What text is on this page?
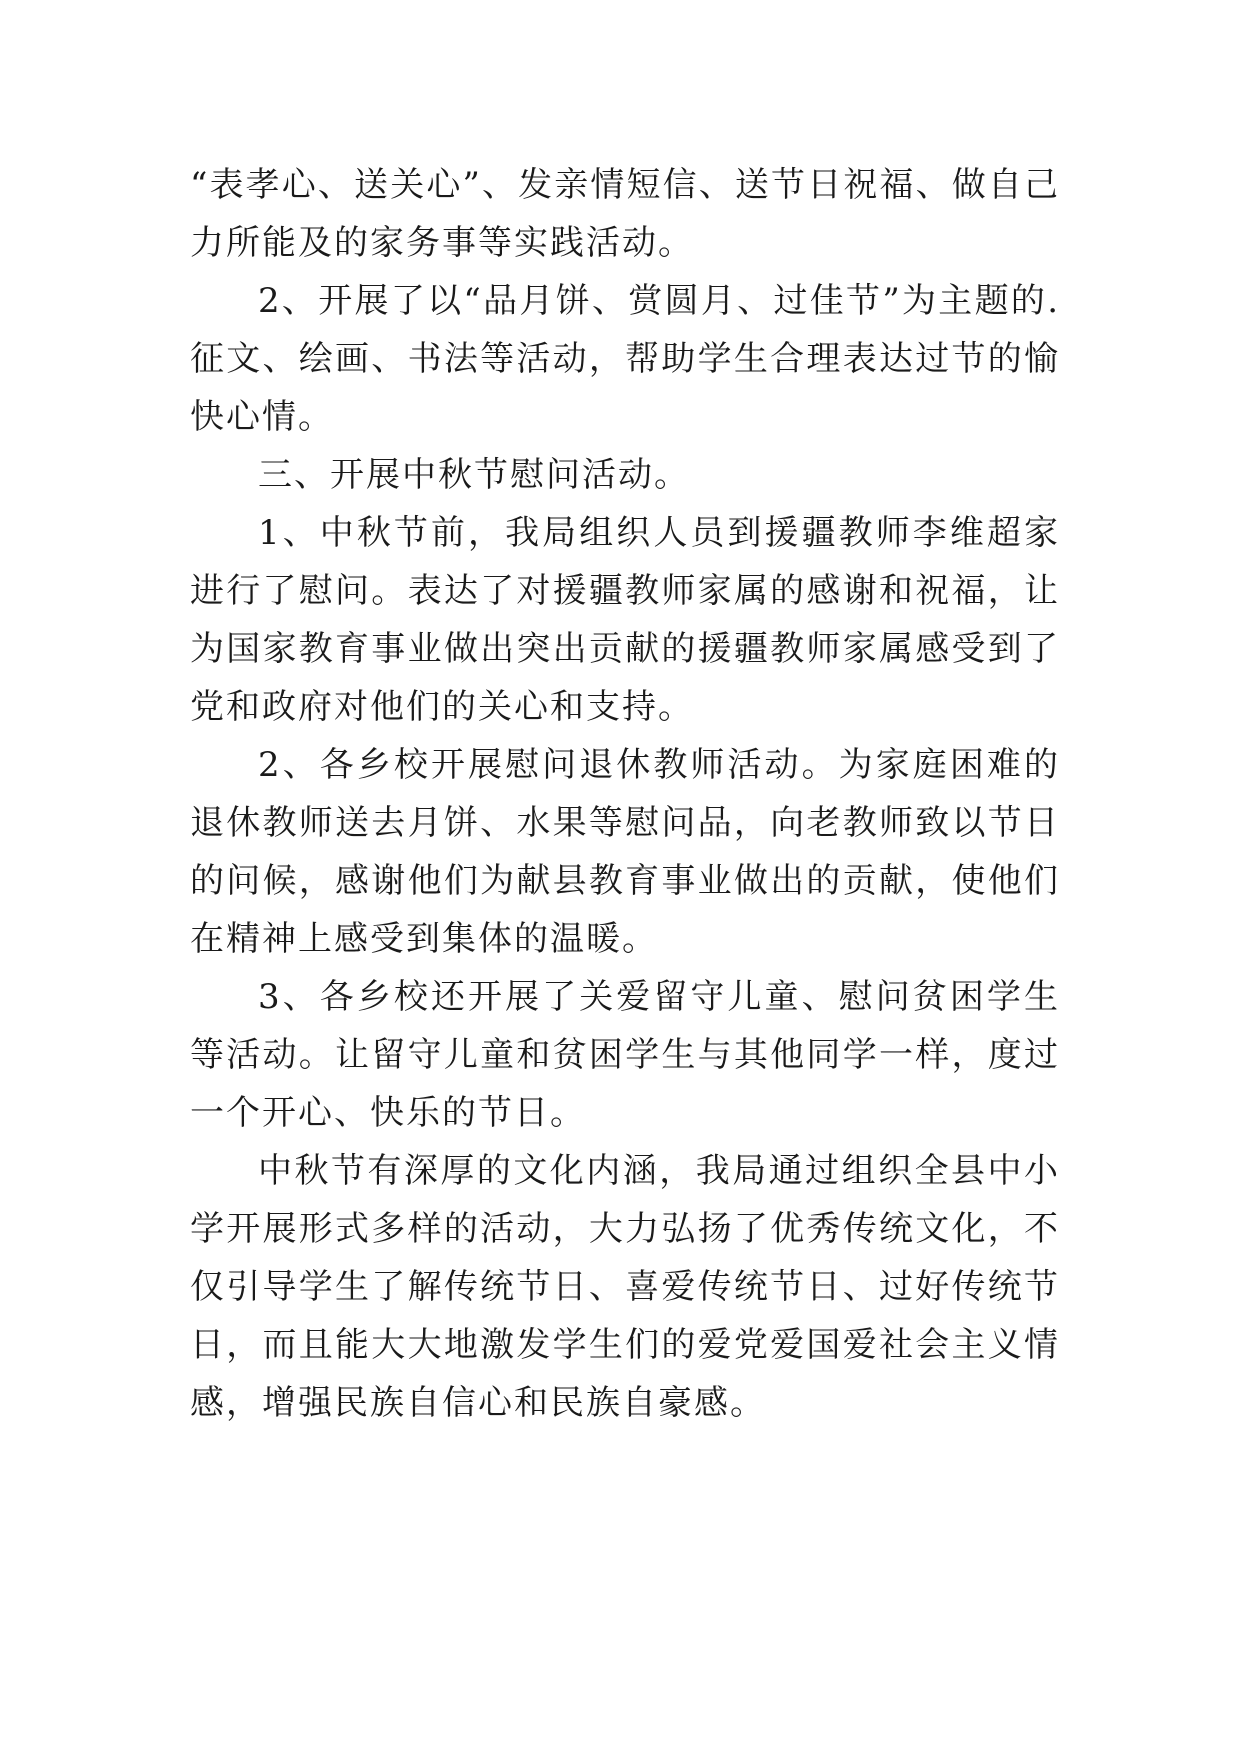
“表孝心、送关心”、发亲情短信、送节日祝福、做自己力所能及的家务事等实践活动。

2、开展了以“品月饼、赏圆月、过佳节”为主题的.征文、绘画、书法等活动，帮助学生合理表达过节的愉快心情。

三、开展中秋节慰问活动。

1、中秋节前，我局组织人员到援疆教师李维超家进行了慰问。表达了对援疆教师家属的感谢和祝福，让为国家教育事业做出突出贡献的援疆教师家属感受到了党和政府对他们的关心和支持。

2、各乡校开展慰问退休教师活动。为家庭困难的退休教师送去月饼、水果等慰问品，向老教师致以节日的问候，感谢他们为献县教育事业做出的贡献，使他们在精神上感受到集体的温暖。

3、各乡校还开展了关爱留守儿童、慰问贫困学生等活动。让留守儿童和贫困学生与其他同学一样，度过一个开心、快乐的节日。

中秋节有深厚的文化内涵，我局通过组织全县中小学开展形式多样的活动，大力弘扬了优秀传统文化，不仅引导学生了解传统节日、喜爱传统节日、过好传统节日，而且能大大地激发学生们的爱党爱国爱社会主义情感，增强民族自信心和民族自豪感。
